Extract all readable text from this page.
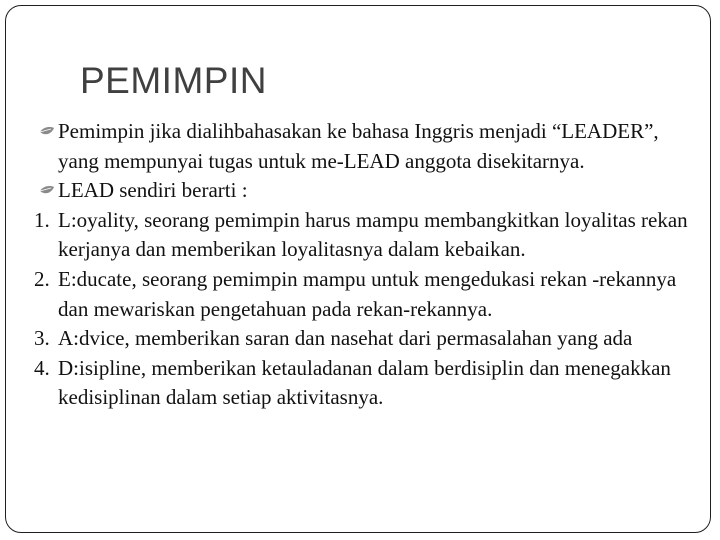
PEMIMPIN
Pemimpin jika dialihbahasakan ke bahasa Inggris menjadi “LEADER”, yang mempunyai tugas untuk me-LEAD anggota disekitarnya.
LEAD sendiri berarti :
1. L:oyality, seorang pemimpin harus mampu membangkitkan loyalitas rekan kerjanya dan memberikan loyalitasnya dalam kebaikan.
2. E:ducate, seorang pemimpin mampu untuk mengedukasi rekan -rekannya dan mewariskan pengetahuan pada rekan-rekannya.
3. A:dvice, memberikan saran dan nasehat dari permasalahan yang ada
4. D:isipline, memberikan ketauladanan dalam berdisiplin dan menegakkan kedisiplinan dalam setiap aktivitasnya.
